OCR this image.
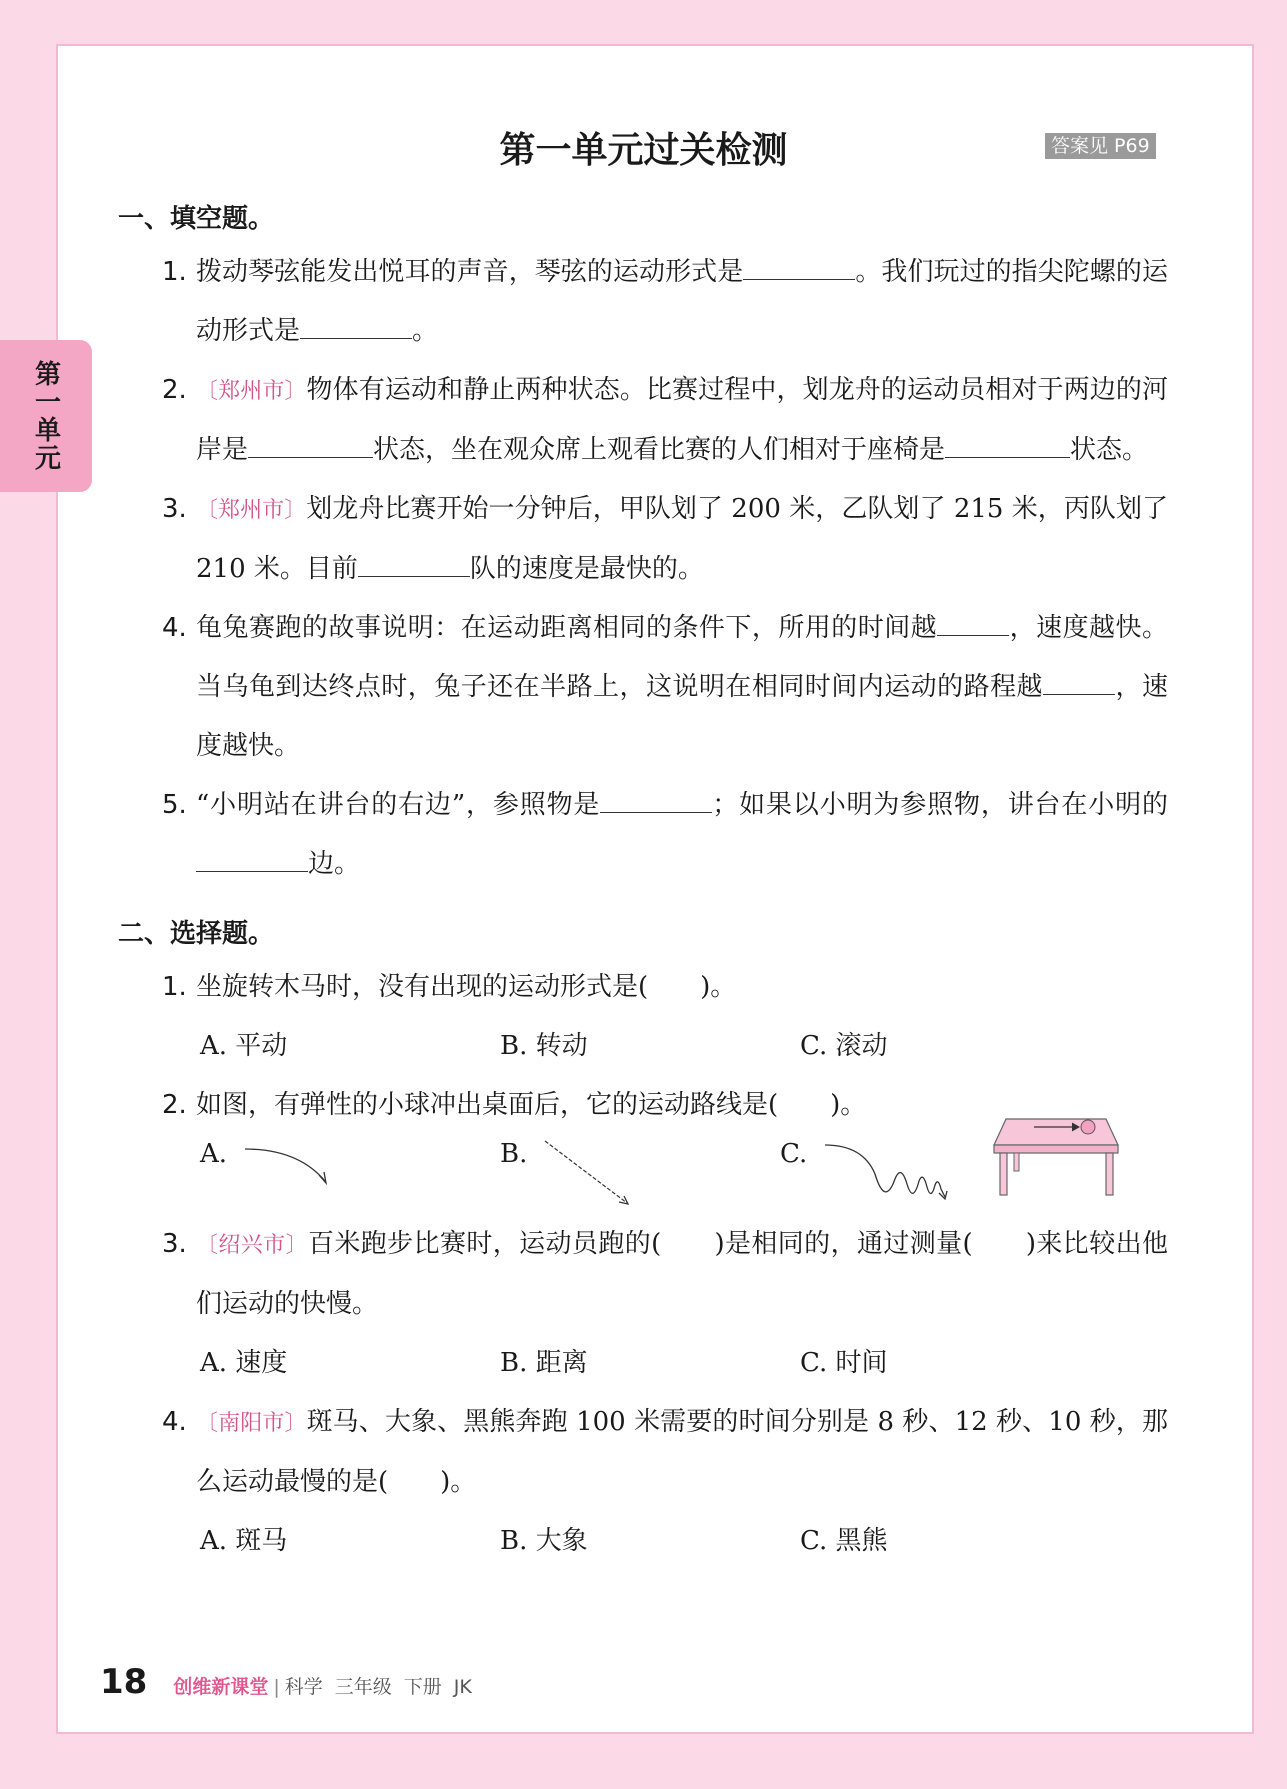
第一单元
第一单元过关检测	答案见 P69
一、填空题。
1. 拨动琴弦能发出悦耳的声音，琴弦的运动形式是	。我们玩过的指尖陀螺的运动形式是	。
2. 〔郑州市〕物体有运动和静止两种状态。比赛过程中，划龙舟的运动员相对于两边的河岸是	状态，坐在观众席上观看比赛的人们相对于座椅是	状态。
3. 〔郑州市〕划龙舟比赛开始一分钟后，甲队划了 200 米，乙队划了 215 米，丙队划了 210 米。目前	队的速度是最快的。
4. 龟兔赛跑的故事说明：在运动距离相同的条件下，所用的时间越	，速度越快。当乌龟到达终点时，兔子还在半路上，这说明在相同时间内运动的路程越	，速度越快。
5. “小明站在讲台的右边”，参照物是	；如果以小明为参照物，讲台在小明的边。
二、选择题。
1. 坐旋转木马时，没有出现的运动形式是(　　)。
A. 平动	B. 转动	C. 滚动
2. 如图，有弹性的小球冲出桌面后，它的运动路线是(　　)。
A.	B.	C.
3. 〔绍兴市〕百米跑步比赛时，运动员跑的(　　)是相同的，通过测量(　　)来比较出他们运动的快慢。
A. 速度	B. 距离	C. 时间
4. 〔南阳市〕斑马、大象、黑熊奔跑 100 米需要的时间分别是 8 秒、12 秒、10 秒，那么运动最慢的是(　　)。
A. 斑马	B. 大象	C. 黑熊
18 创维新课堂 | 科学 三年级 下册 JK
